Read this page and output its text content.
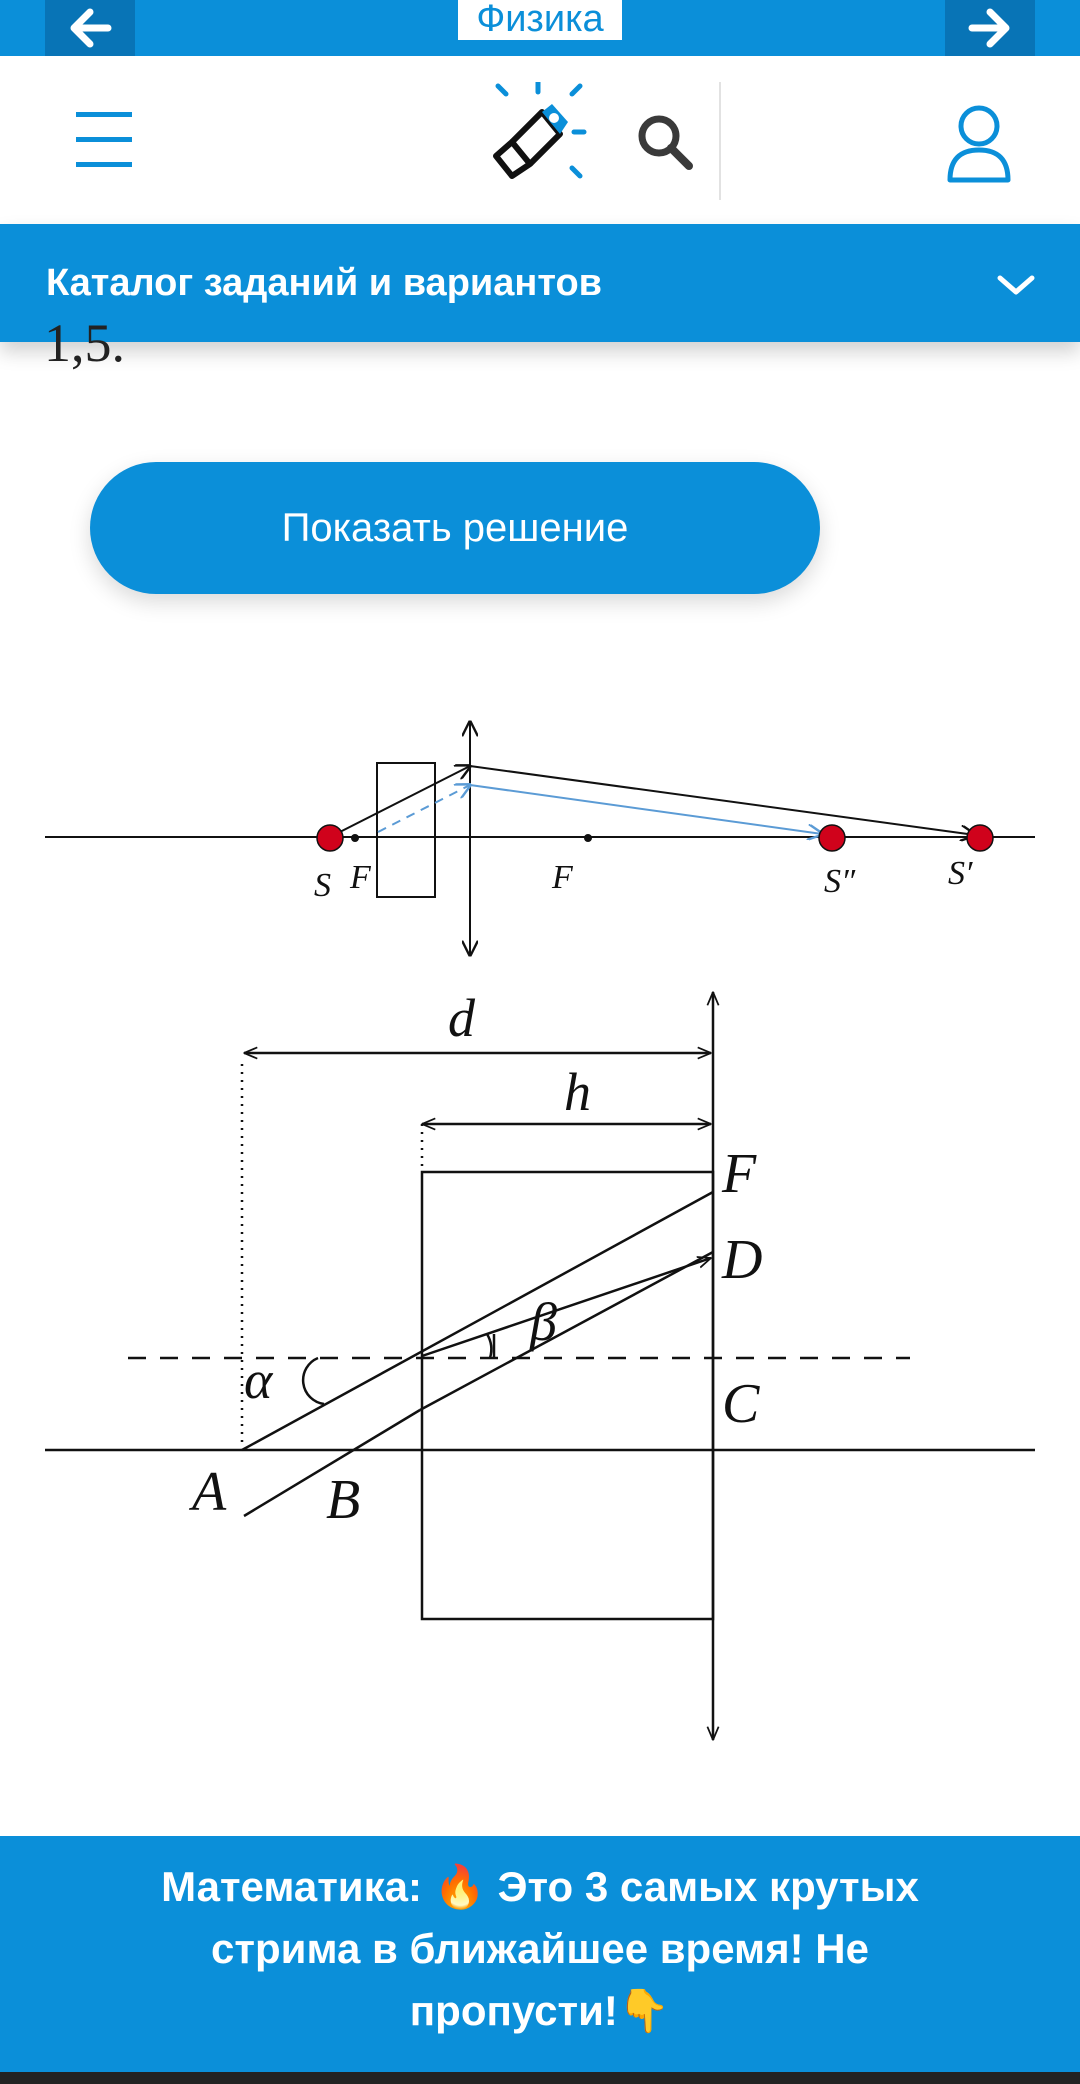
Физика
Каталог заданий и вариантов
1,5.
Показать решение
S F	F	S″	S′
d
h
F
D
C
A B
α
β
Математика: 🔥 Это 3 самых крутых
стрима в ближайшее время! Не
пропусти!👇
